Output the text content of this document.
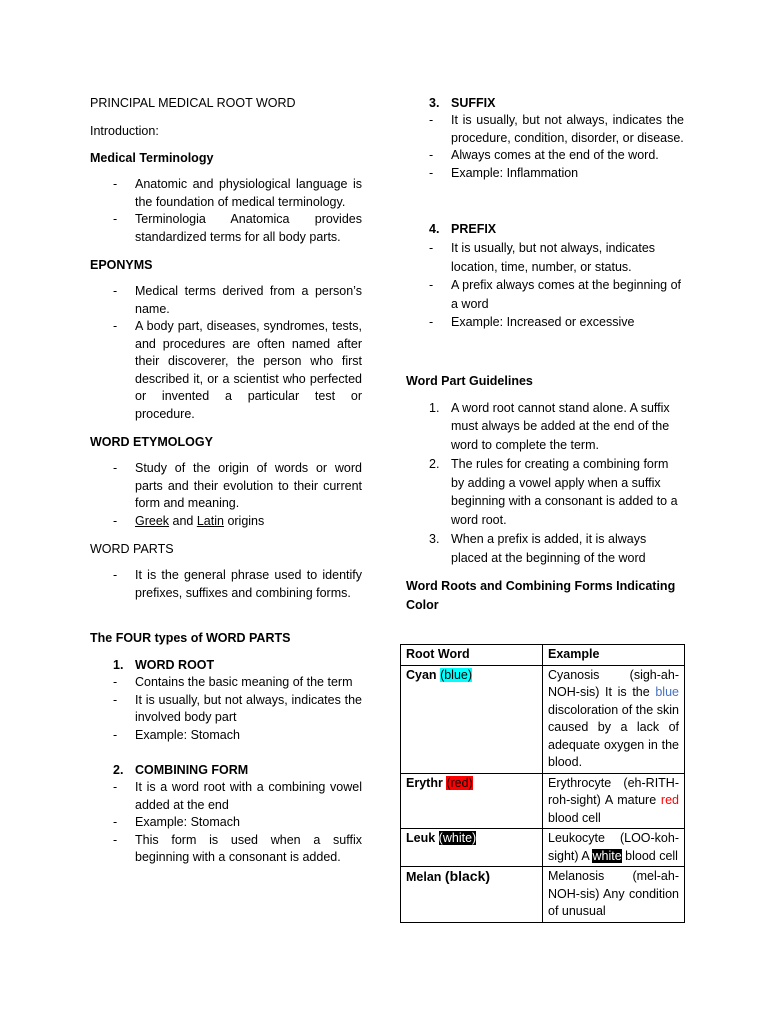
PRINCIPAL MEDICAL ROOT WORD

Introduction:

Medical Terminology

- Anatomic and physiological language is the foundation of medical terminology.
- Terminologia Anatomica provides standardized terms for all body parts.

EPONYMS

- Medical terms derived from a person’s name.
- A body part, diseases, syndromes, tests, and procedures are often named after their discoverer, the person who first described it, or a scientist who perfected or invented a particular test or procedure.

WORD ETYMOLOGY

- Study of the origin of words or word parts and their evolution to their current form and meaning.
- Greek and Latin origins

WORD PARTS

- It is the general phrase used to identify prefixes, suffixes and combining forms.

The FOUR types of WORD PARTS

1. WORD ROOT
- Contains the basic meaning of the term
- It is usually, but not always, indicates the involved body part
- Example: Stomach
2. COMBINING FORM
- It is a word root with a combining vowel added at the end
- Example: Stomach
- This form is used when a suffix beginning with a consonant is added.
3. SUFFIX
- It is usually, but not always, indicates the procedure, condition, disorder, or disease.
- Always comes at the end of the word.
- Example: Inflammation
4. PREFIX
- It is usually, but not always, indicates location, time, number, or status.
- A prefix always comes at the beginning of a word
- Example: Increased or excessive

Word Part Guidelines

1. A word root cannot stand alone. A suffix must always be added at the end of the word to complete the term.
2. The rules for creating a combining form by adding a vowel apply when a suffix beginning with a consonant is added to a word root.
3. When a prefix is added, it is always placed at the beginning of the word

Word Roots and Combining Forms Indicating Color

Root Word	Example
Cyan (blue)	Cyanosis (sigh-ah-NOH-sis) It is the blue discoloration of the skin caused by a lack of adequate oxygen in the blood.
Erythr (red)	Erythrocyte (eh-RITH-roh-sight) A mature red blood cell
Leuk (white)	Leukocyte (LOO-koh-sight) A white blood cell
Melan (black)	Melanosis (mel-ah-NOH-sis) Any condition of unusual
